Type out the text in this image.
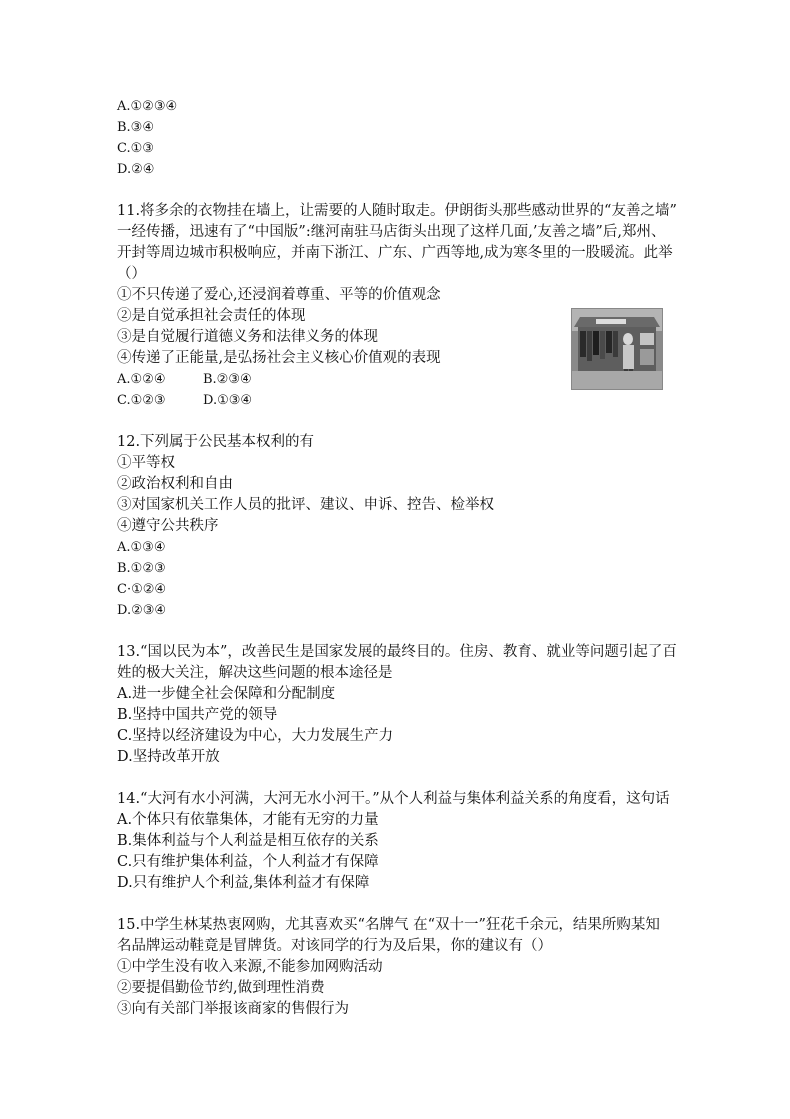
A.①②③④
B.③④
C.①③
D.②④
11.将多余的衣物挂在墙上，让需要的人随时取走。伊朗街头那些感动世界的“友善之墙”
一经传播，迅速有了“中国版”:继河南驻马店街头出现了这样几面,’友善之墙”后,郑州、
开封等周边城市积极响应，并南下浙江、广东、广西等地,成为寒冬里的一股暖流。此举
（）
①不只传递了爱心,还浸润着尊重、平等的价值观念
②是自觉承担社会责任的体现
③是自觉履行道德义务和法律义务的体现
④传递了正能量,是弘扬社会主义核心价值观的表现
A.①②④	B.②③④
C.①②③	D.①③④
12.下列属于公民基本权利的有
①平等权
②政治权利和自由
③对国家机关工作人员的批评、建议、申诉、控告、检举权
④遵守公共秩序
A.①③④
B.①②③
C·①②④
D.②③④
13.“国以民为本”，改善民生是国家发展的最终目的。住房、教育、就业等问题引起了百
姓的极大关注，解决这些问题的根本途径是
A.进一步健全社会保障和分配制度
B.坚持中国共产党的领导
C.坚持以经济建设为中心，大力发展生产力
D.坚持改革开放
14.“大河有水小河满，大河无水小河干。”从个人利益与集体利益关系的角度看，这句话
A.个体只有依靠集体，才能有无穷的力量
B.集体利益与个人利益是相互依存的关系
C.只有维护集体利益，个人利益才有保障
D.只有维护人个利益,集体利益才有保障
15.中学生林某热衷网购，尤其喜欢买“名牌气 在“双十一”狂花千余元，结果所购某知
名品牌运动鞋竟是冒牌货。对该同学的行为及后果，你的建议有（）
①中学生没有收入来源,不能参加网购活动
②要提倡勤俭节约,做到理性消费
③向有关部门举报该商家的售假行为
